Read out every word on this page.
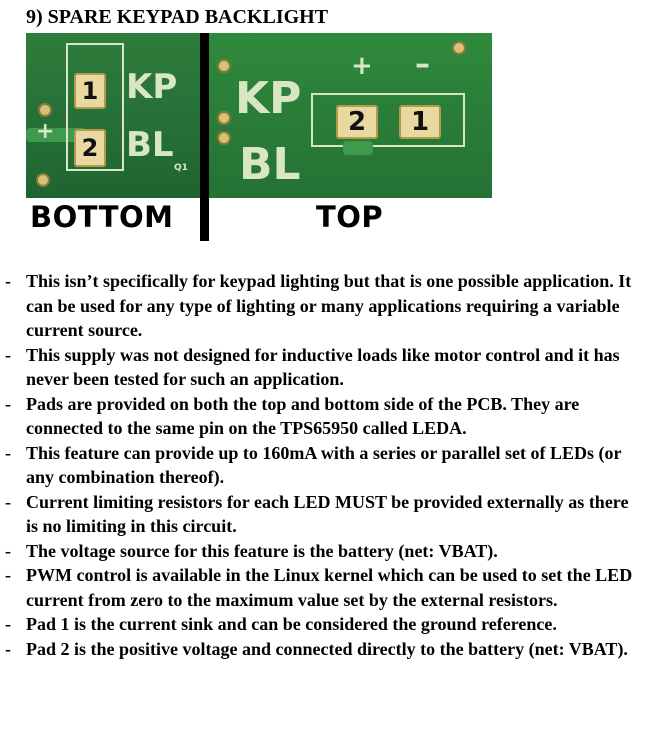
9) SPARE KEYPAD BACKLIGHT
+
1
2
KP
BL
Q1
KP
BL
+ –
2	1

BOTTOM	TOP

- This isn’t specifically for keypad lighting but that is one possible application. It can be used for any type of lighting or many applications requiring a variable current source.
- This supply was not designed for inductive loads like motor control and it has never been tested for such an application.
- Pads are provided on both the top and bottom side of the PCB. They are connected to the same pin on the TPS65950 called LEDA.
- This feature can provide up to 160mA with a series or parallel set of LEDs (or any combination thereof).
- Current limiting resistors for each LED MUST be provided externally as there is no limiting in this circuit.
- The voltage source for this feature is the battery (net: VBAT).
- PWM control is available in the Linux kernel which can be used to set the LED current from zero to the maximum value set by the external resistors.
- Pad 1 is the current sink and can be considered the ground reference.
- Pad 2 is the positive voltage and connected directly to the battery (net: VBAT).
